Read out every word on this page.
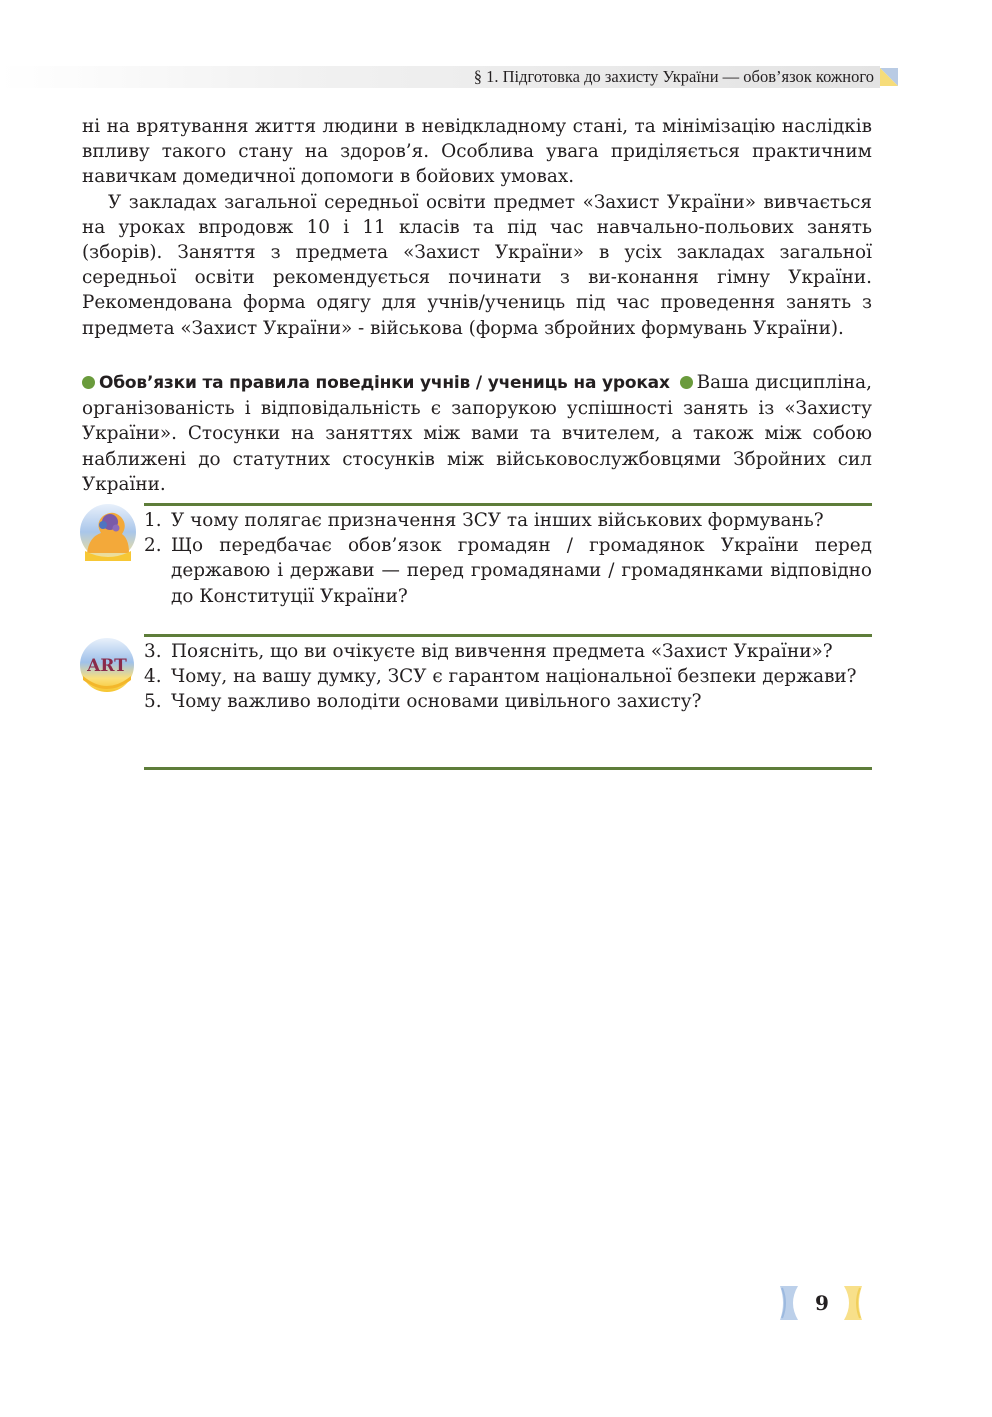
§ 1. Підготовка до захисту України — обов’язок кожного

ні на врятування життя людини в невідкладному стані, та мінімізацію наслідків впливу такого стану на здоров’я. Особлива увага приділяється практичним навичкам домедичної допомоги в бойових умовах.

У закладах загальної середньої освіти предмет «Захист України» вивчається на уроках впродовж 10 і 11 класів та під час навчально-польових занять (зборів). Заняття з предмета «Захист України» в усіх закладах загальної середньої освіти рекомендується починати з ви-конання гімну України. Рекомендована форма одягу для учнів/учениць під час проведення занять з предмета «Захист України» - військова (форма збройних формувань України).

Обов’язки та правила поведінки учнів / учениць на уроках Ваша дисципліна, організованість і відповідальність є запорукою успішності занять із «Захисту України». Стосунки на заняттях між вами та вчителем, а також між собою наближені до статутних стосунків між військовослужбовцями Збройних сил України.

1. У чому полягає призначення ЗСУ та інших військових формувань?
2. Що передбачає обов’язок громадян / громадянок України перед державою і держави — перед громадянами / громадянками відповідно до Конституції України?
ART
3. Поясніть, що ви очікуєте від вивчення предмета «Захист України»?
4. Чому, на вашу думку, ЗСУ є гарантом національної безпеки держави?
5. Чому важливо володіти основами цивільного захисту?
9
